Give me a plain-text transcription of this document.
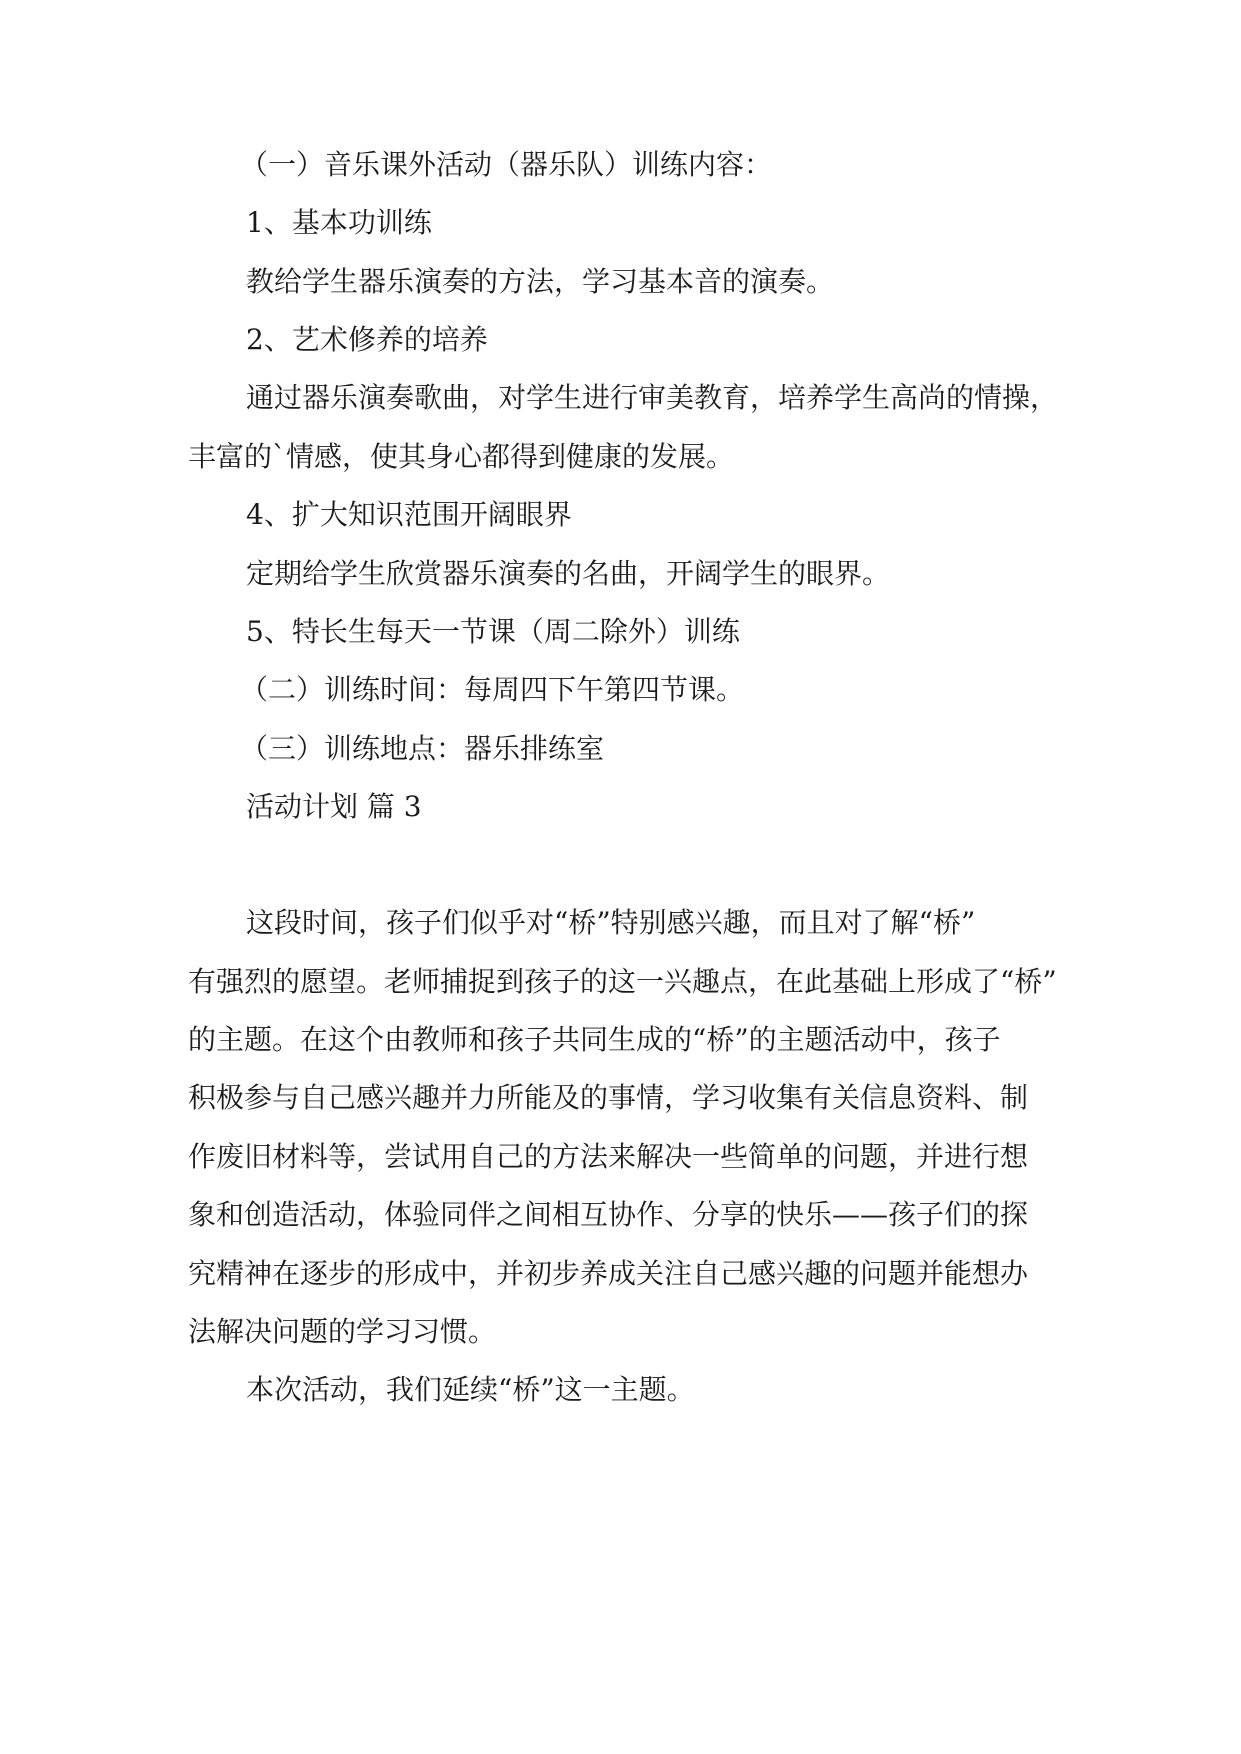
（一）音乐课外活动（器乐队）训练内容：
1、基本功训练
教给学生器乐演奏的方法，学习基本音的演奏。
2、艺术修养的培养
通过器乐演奏歌曲，对学生进行审美教育，培养学生高尚的情操，
丰富的`情感，使其身心都得到健康的发展。
4、扩大知识范围开阔眼界
定期给学生欣赏器乐演奏的名曲，开阔学生的眼界。
5、特长生每天一节课（周二除外）训练
（二）训练时间：每周四下午第四节课。
（三）训练地点：器乐排练室
活动计划 篇 3
这段时间，孩子们似乎对“桥”特别感兴趣，而且对了解“桥”
有强烈的愿望。老师捕捉到孩子的这一兴趣点，在此基础上形成了“桥”
的主题。在这个由教师和孩子共同生成的“桥”的主题活动中，孩子
积极参与自己感兴趣并力所能及的事情，学习收集有关信息资料、制
作废旧材料等，尝试用自己的方法来解决一些简单的问题，并进行想
象和创造活动，体验同伴之间相互协作、分享的快乐——孩子们的探
究精神在逐步的形成中，并初步养成关注自己感兴趣的问题并能想办
法解决问题的学习习惯。
本次活动，我们延续“桥”这一主题。
